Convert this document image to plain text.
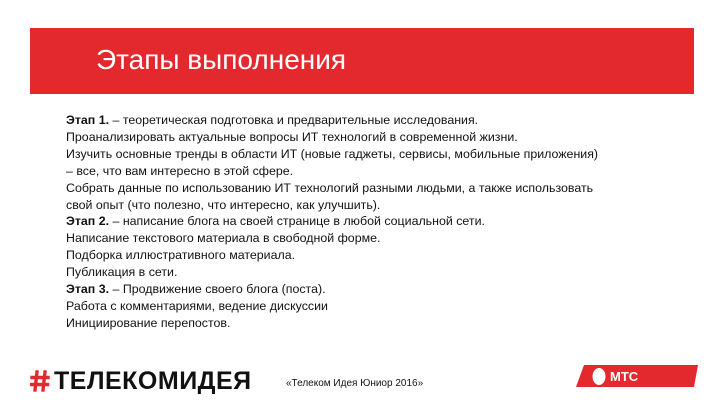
Этапы выполнения

Этап 1. – теоретическая подготовка и предварительные исследования.

Проанализировать актуальные вопросы ИТ технологий в современной жизни.

Изучить основные тренды в области ИТ (новые гаджеты, сервисы, мобильные приложения)

– все, что вам интересно в этой сфере.

Собрать данные по использованию ИТ технологий разными людьми, а также использовать

свой опыт (что полезно, что интересно, как улучшить).

Этап 2. – написание блога на своей странице в любой социальной сети.

Написание текстового материала в свободной форме.

Подборка иллюстративного материала.

Публикация в сети.

Этап 3. – Продвижение своего блога (поста).

Работа с комментариями, ведение дискуссии

Инициирование перепостов.

ТЕЛЕКОМИДЕЯ	«Телеком Идея Юниор 2016»	МТС
